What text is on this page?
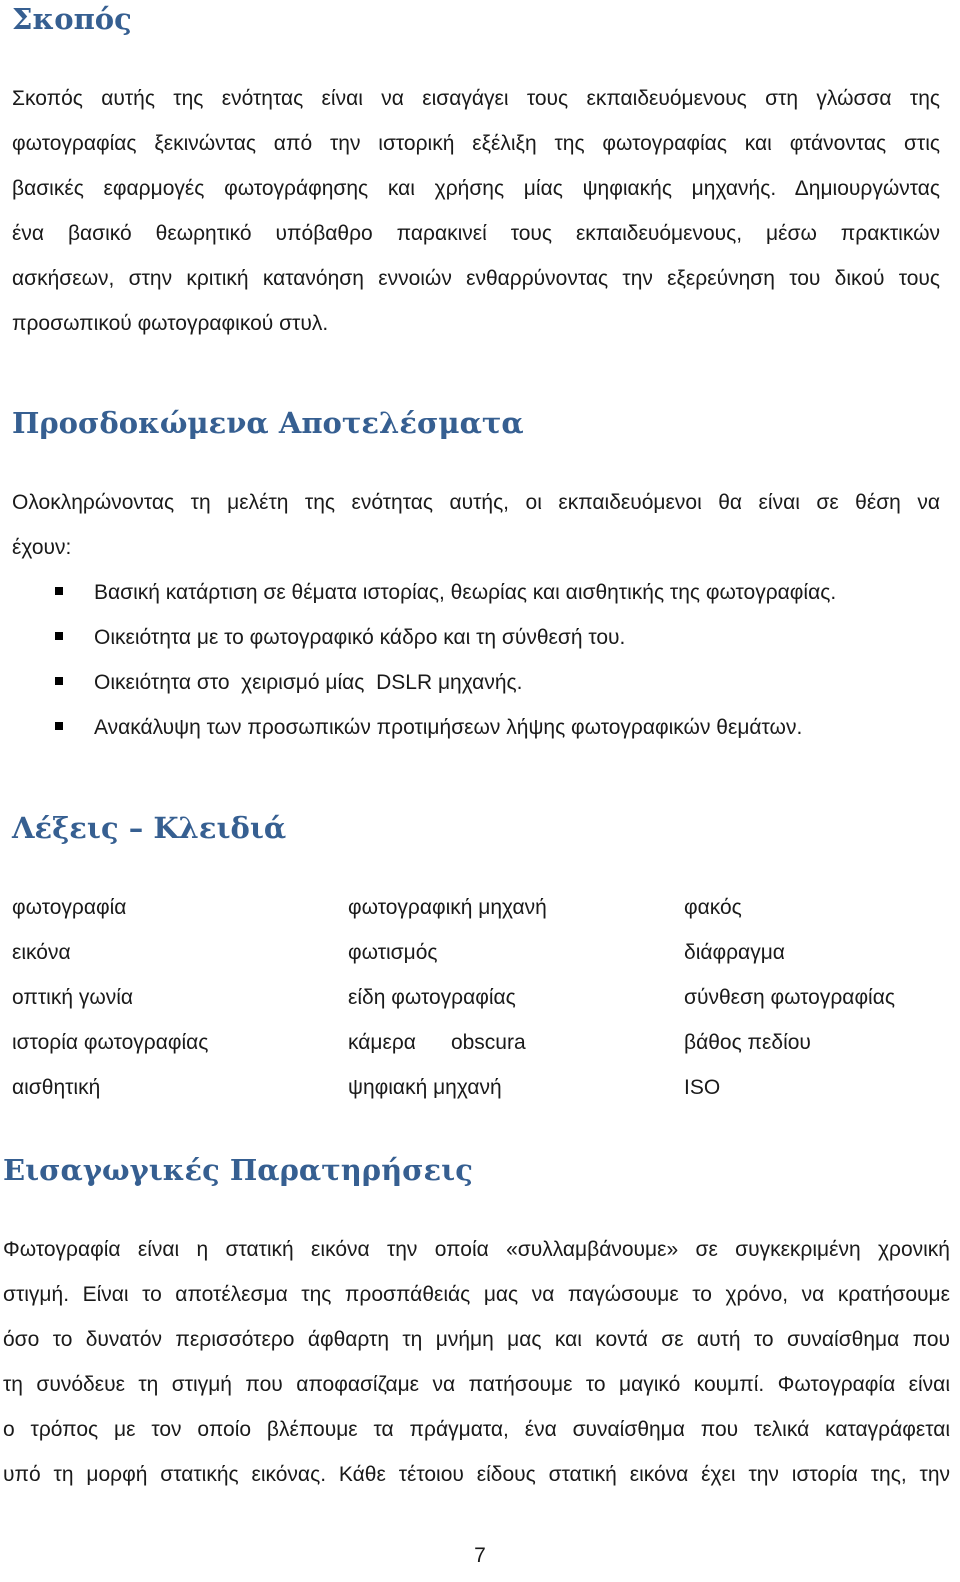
Σκοπός
Σκοπός αυτής της ενότητας είναι να εισαγάγει τους εκπαιδευόμενους στη γλώσσα της
φωτογραφίας ξεκινώντας από την ιστορική εξέλιξη της φωτογραφίας και φτάνοντας στις
βασικές εφαρμογές φωτογράφησης και χρήσης μίας ψηφιακής μηχανής. Δημιουργώντας
ένα βασικό θεωρητικό υπόβαθρο παρακινεί τους εκπαιδευόμενους, μέσω πρακτικών
ασκήσεων, στην κριτική κατανόηση εννοιών ενθαρρύνοντας την εξερεύνηση του δικού τους
προσωπικού φωτογραφικού στυλ.
Προσδοκώμενα Αποτελέσματα
Ολοκληρώνοντας τη μελέτη της ενότητας αυτής, οι εκπαιδευόμενοι θα είναι σε θέση να
έχουν:
Βασική κατάρτιση σε θέματα ιστορίας, θεωρίας και αισθητικής της φωτογραφίας.
Οικειότητα με το φωτογραφικό κάδρο και τη σύνθεσή του.
Οικειότητα στο  χειρισμό μίας  DSLR μηχανής.
Ανακάλυψη των προσωπικών προτιμήσεων λήψης φωτογραφικών θεμάτων.
Λέξεις – Κλειδιά
φωτογραφία	φωτογραφική μηχανή	φακός
εικόνα	φωτισμός	διάφραγμα
οπτική γωνία	είδη φωτογραφίας	σύνθεση φωτογραφίας
ιστορία φωτογραφίας	κάμερα      obscura	βάθος πεδίου
αισθητική	ψηφιακή μηχανή	ISO
Εισαγωγικές Παρατηρήσεις
Φωτογραφία είναι η στατική εικόνα την οποία «συλλαμβάνουμε» σε συγκεκριμένη χρονική
στιγμή. Είναι το αποτέλεσμα της προσπάθειάς μας να παγώσουμε το χρόνο, να κρατήσουμε
όσο το δυνατόν περισσότερο άφθαρτη τη μνήμη μας και κοντά σε αυτή το συναίσθημα που
τη συνόδευε τη στιγμή που αποφασίζαμε να πατήσουμε το μαγικό κουμπί. Φωτογραφία είναι
ο τρόπος με τον οποίο βλέπουμε τα πράγματα, ένα συναίσθημα που τελικά καταγράφεται
υπό τη μορφή στατικής εικόνας. Κάθε τέτοιου είδους στατική εικόνα έχει την ιστορία της, την
7
